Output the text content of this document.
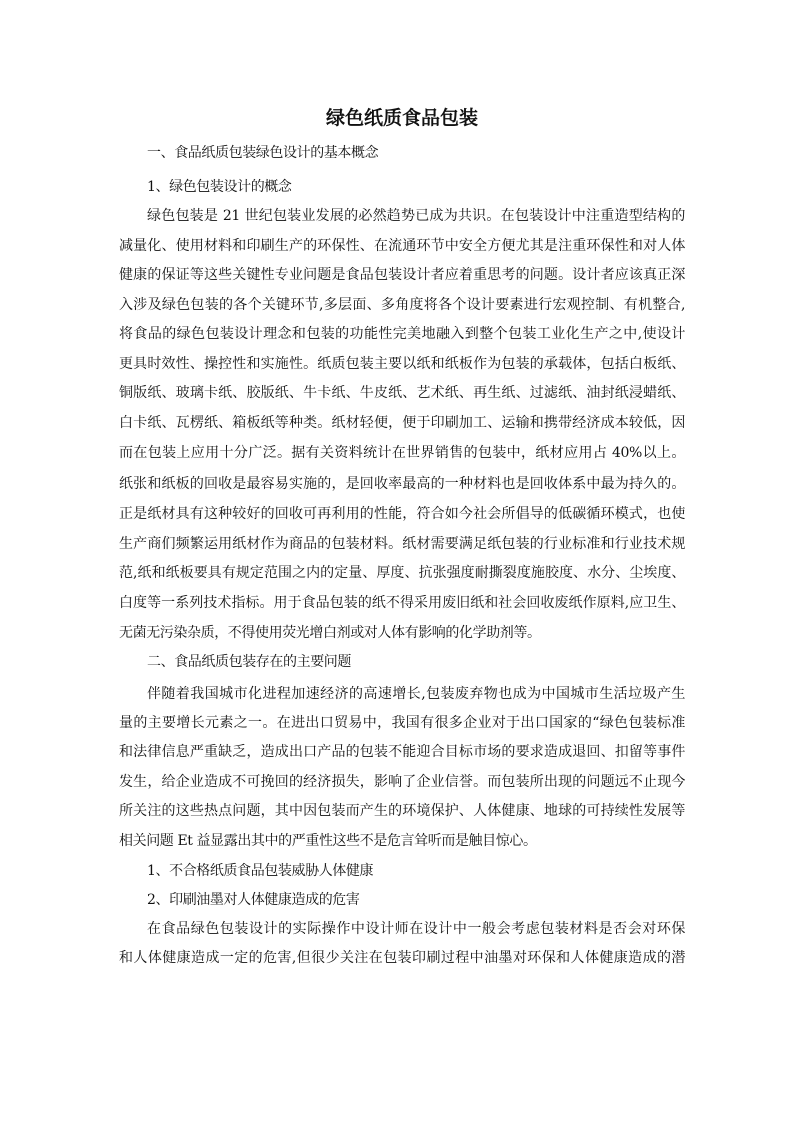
绿色纸质食品包装
一、食品纸质包装绿色设计的基本概念
1、绿色包装设计的概念
绿色包装是 21 世纪包装业发展的必然趋势已成为共识。在包装设计中注重造型结构的
减量化、使用材料和印刷生产的环保性、在流通环节中安全方便尤其是注重环保性和对人体
健康的保证等这些关键性专业问题是食品包装设计者应着重思考的问题。设计者应该真正深
入涉及绿色包装的各个关键环节,多层面、多角度将各个设计要素进行宏观控制、有机整合,
将食品的绿色包装设计理念和包装的功能性完美地融入到整个包装工业化生产之中,使设计
更具时效性、操控性和实施性。纸质包装主要以纸和纸板作为包装的承载体，包括白板纸、
铜版纸、玻璃卡纸、胶版纸、牛卡纸、牛皮纸、艺术纸、再生纸、过滤纸、油封纸浸蜡纸、
白卡纸、瓦楞纸、箱板纸等种类。纸材轻便，便于印刷加工、运输和携带经济成本较低，因
而在包装上应用十分广泛。据有关资料统计在世界销售的包装中，纸材应用占 40%以上。
纸张和纸板的回收是最容易实施的，是回收率最高的一种材料也是回收体系中最为持久的。
正是纸材具有这种较好的回收可再利用的性能，符合如今社会所倡导的低碳循环模式，也使
生产商们频繁运用纸材作为商品的包装材料。纸材需要满足纸包装的行业标准和行业技术规
范,纸和纸板要具有规定范围之内的定量、厚度、抗张强度耐撕裂度施胶度、水分、尘埃度、
白度等一系列技术指标。用于食品包装的纸不得采用废旧纸和社会回收废纸作原料,应卫生、
无菌无污染杂质，不得使用荧光增白剂或对人体有影响的化学助剂等。
二、食品纸质包装存在的主要问题
伴随着我国城市化进程加速经济的高速增长,包装废弃物也成为中国城市生活垃圾产生
量的主要增长元素之一。在进出口贸易中，我国有很多企业对于出口国家的“绿色包装标准
和法律信息严重缺乏，造成出口产品的包装不能迎合目标市场的要求造成退回、扣留等事件
发生，给企业造成不可挽回的经济损失，影响了企业信誉。而包装所出现的问题远不止现今
所关注的这些热点问题，其中因包装而产生的环境保护、人体健康、地球的可持续性发展等
相关问题 Et 益显露出其中的严重性这些不是危言耸听而是触目惊心。
1、不合格纸质食品包装威胁人体健康
2、印刷油墨对人体健康造成的危害
在食品绿色包装设计的实际操作中设计师在设计中一般会考虑包装材料是否会对环保
和人体健康造成一定的危害,但很少关注在包装印刷过程中油墨对环保和人体健康造成的潜
